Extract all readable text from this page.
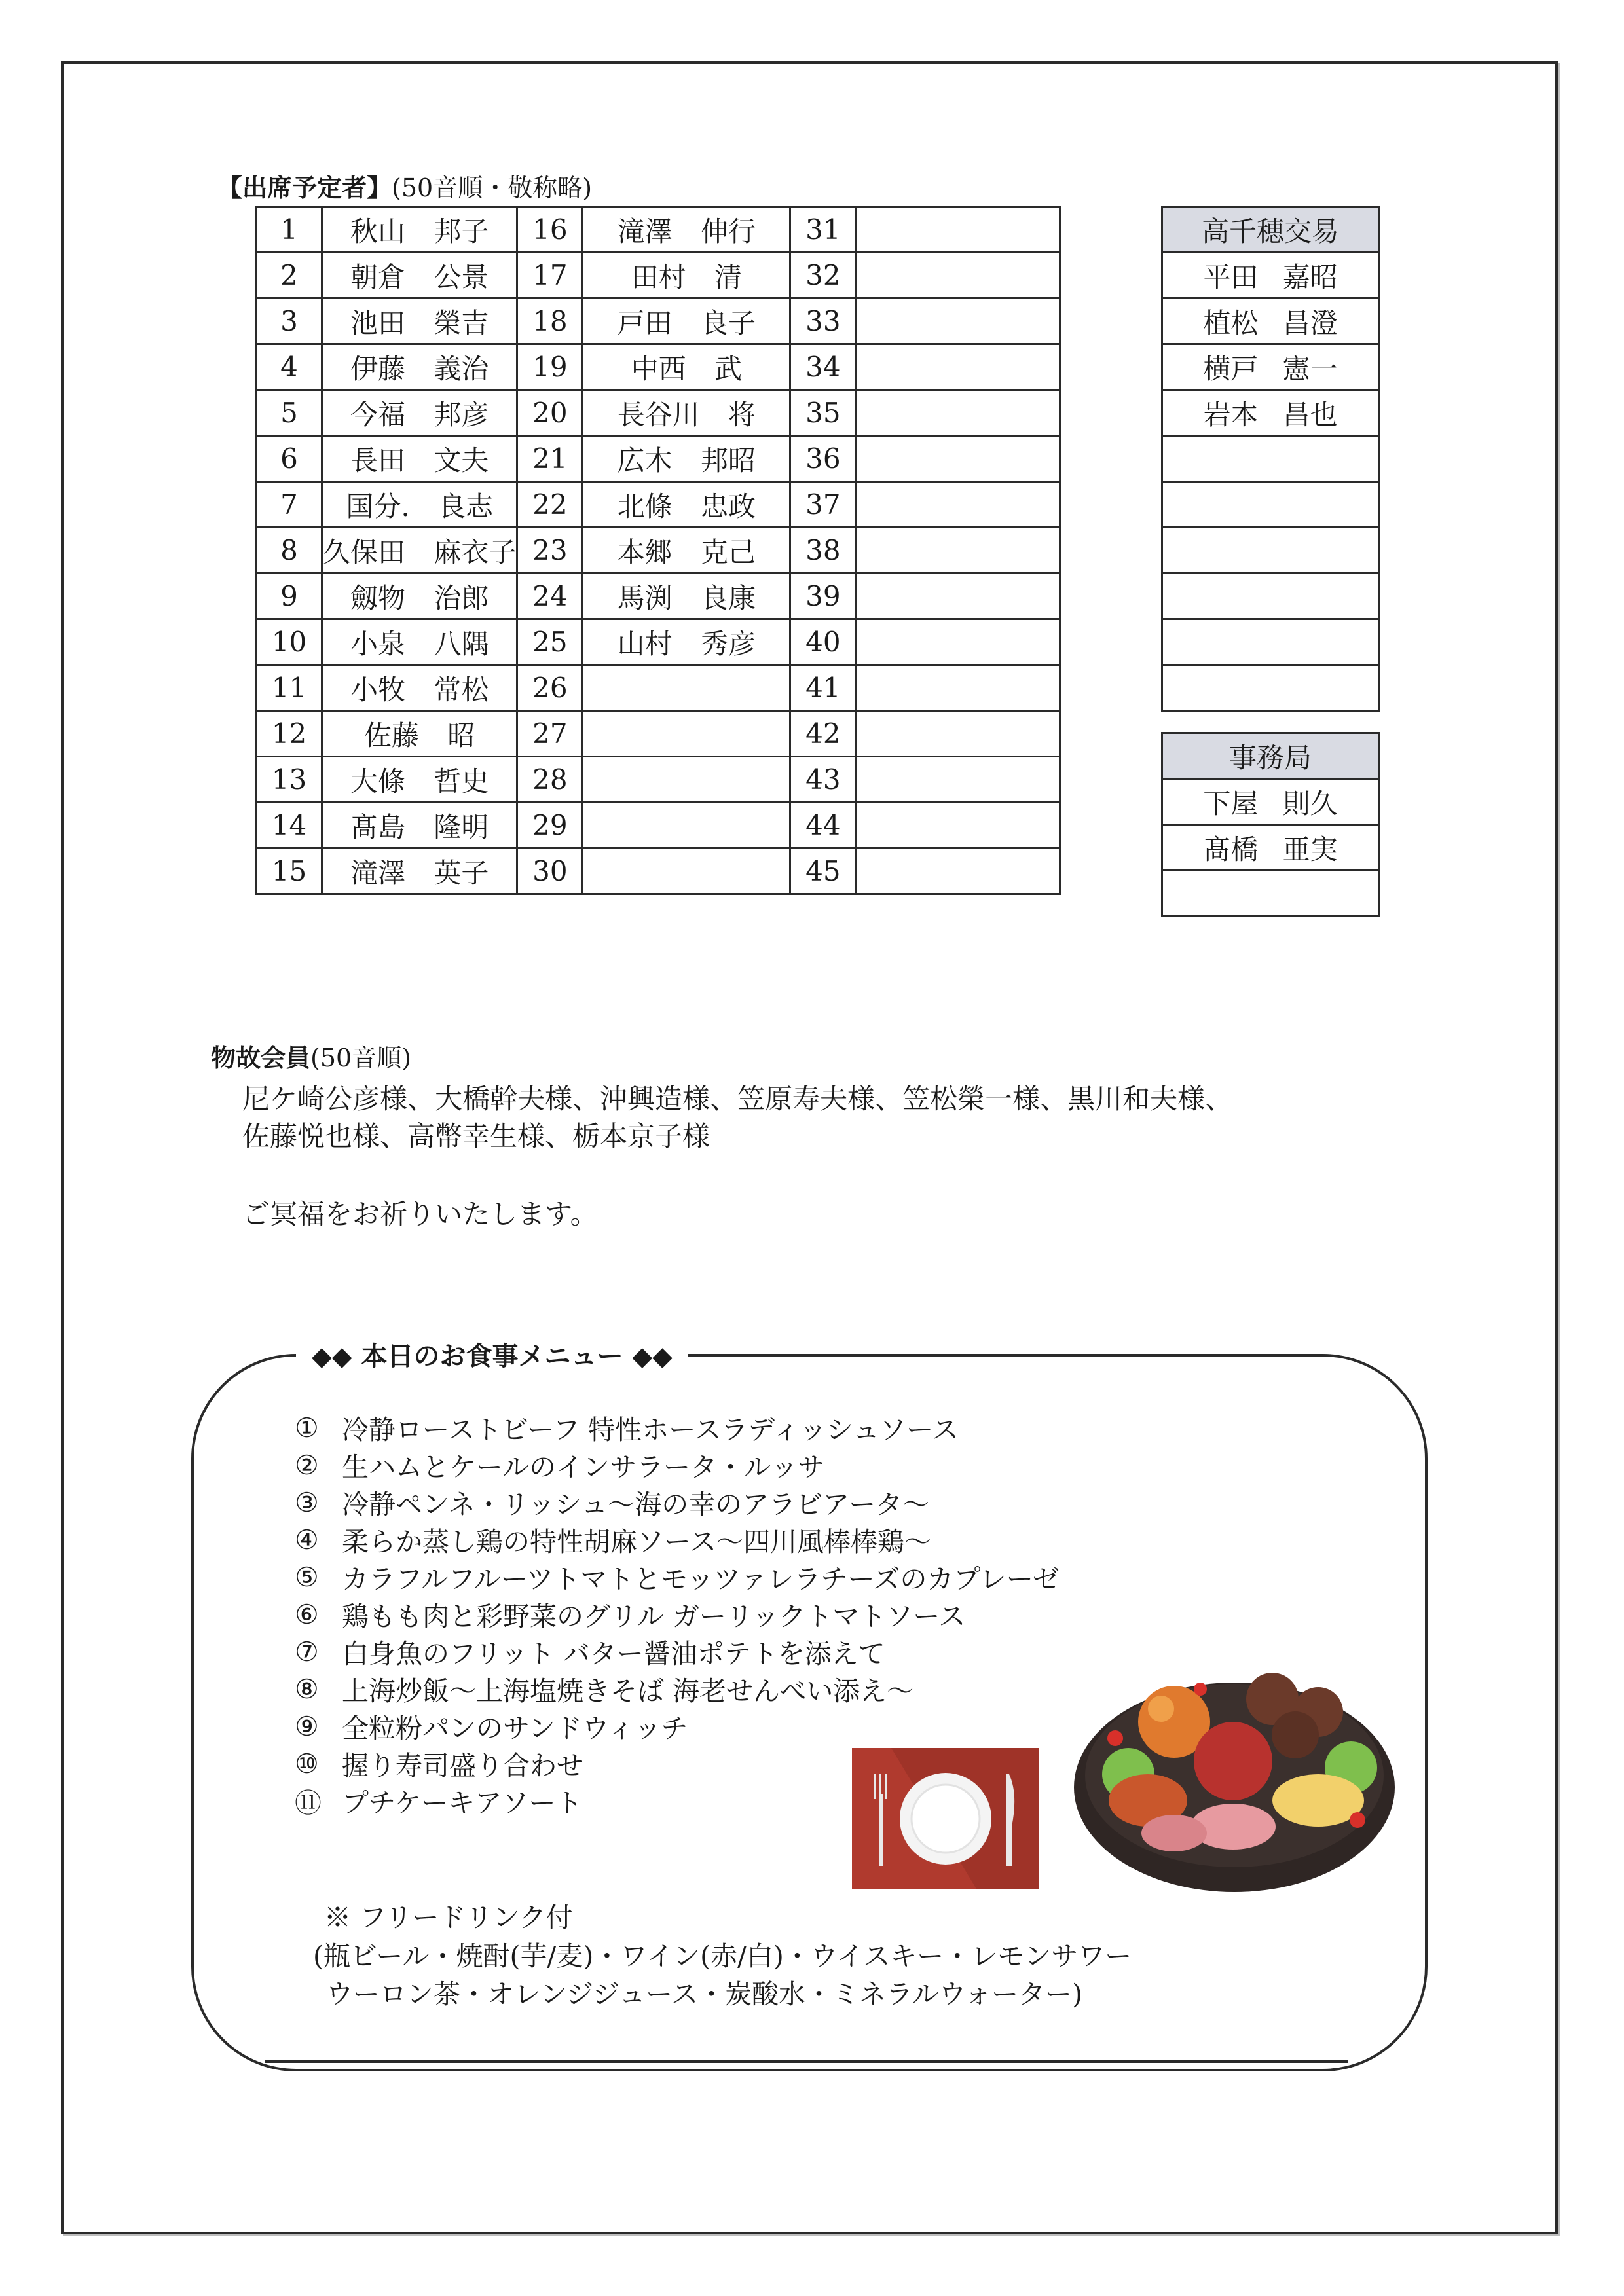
【出席予定者】(50音順・敬称略)
1	秋山 邦子	16	滝澤 伸行	31	
2	朝倉 公景	17	田村 清	32	
3	池田 榮吉	18	戸田 良子	33	
4	伊藤 義治	19	中西 武	34	
5	今福 邦彦	20	長谷川 将	35	
6	長田 文夫	21	広木 邦昭	36	
7	国分. 良志	22	北條 忠政	37	
8	久保田 麻衣子	23	本郷 克己	38	
9	劔物 治郎	24	馬渕 良康	39	
10	小泉 八隅	25	山村 秀彦	40	
11	小牧 常松	26		41	
12	佐藤 昭	27		42	
13	大條 哲史	28		43	
14	髙島 隆明	29		44	
15	滝澤 英子	30		45	
高千穂交易
平田 嘉昭
植松 昌澄
横戸 憲一
岩本 昌也

事務局
下屋 則久
髙橋 亜実

物故会員(50音順)
尼ケ崎公彦様、大橋幹夫様、沖興造様、笠原寿夫様、笠松榮一様、黒川和夫様、
佐藤悦也様、高幣幸生様、栃本京子様
ご冥福をお祈りいたします。
◆◆ 本日のお食事メニュー ◆◆
① 冷静ローストビーフ 特性ホースラディッシュソース
② 生ハムとケールのインサラータ・ルッサ
③ 冷静ペンネ・リッシュ～海の幸のアラビアータ～
④ 柔らか蒸し鶏の特性胡麻ソース～四川風棒棒鶏～
⑤ カラフルフルーツトマトとモッツァレラチーズのカプレーゼ
⑥ 鶏もも肉と彩野菜のグリル ガーリックトマトソース
⑦ 白身魚のフリット バター醤油ポテトを添えて
⑧ 上海炒飯～上海塩焼きそば 海老せんべい添え～
⑨ 全粒粉パンのサンドウィッチ
⑩ 握り寿司盛り合わせ
⑪ プチケーキアソート
※ フリードリンク付
(瓶ビール・焼酎(芋/麦)・ワイン(赤/白)・ウイスキー・レモンサワー
ウーロン茶・オレンジジュース・炭酸水・ミネラルウォーター)
